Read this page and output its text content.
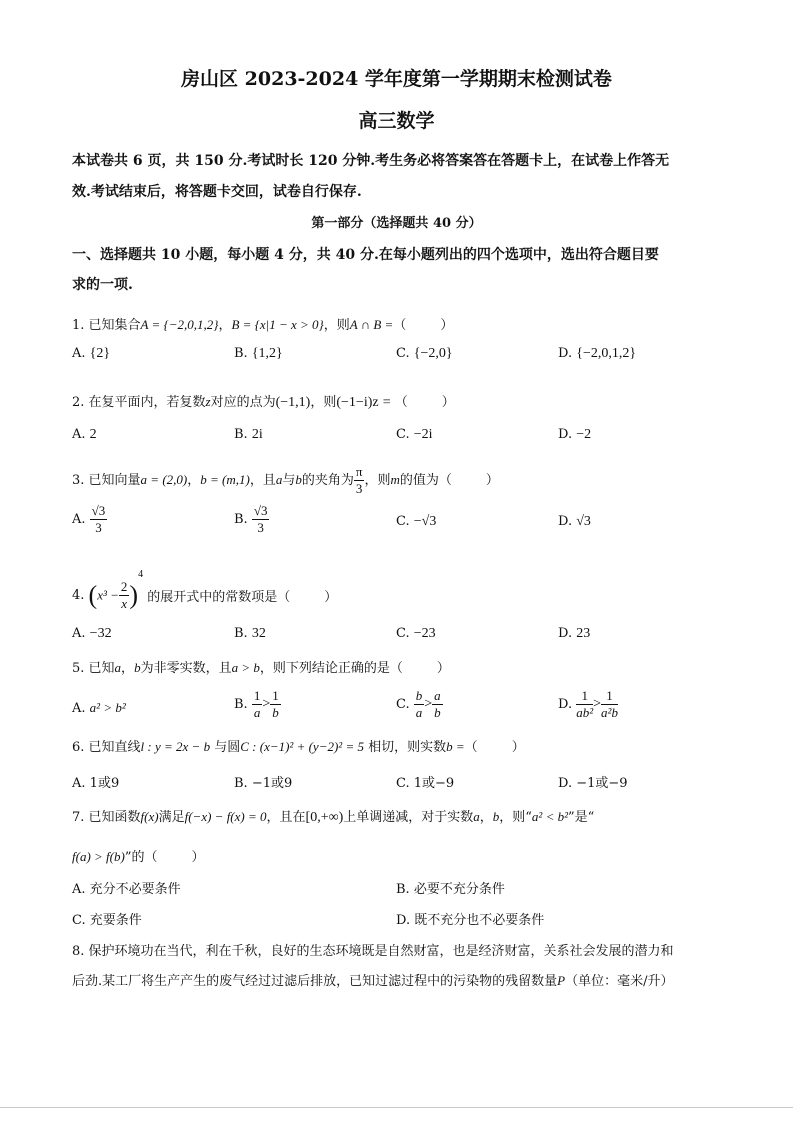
房山区 2023-2024 学年度第一学期期末检测试卷
高三数学
本试卷共 6 页，共 150 分.考试时长 120 分钟.考生务必将答案答在答题卡上，在试卷上作答无
效.考试结束后，将答题卡交回，试卷自行保存.
第一部分（选择题共 40 分）
一、选择题共 10 小题，每小题 4 分，共 40 分.在每小题列出的四个选项中，选出符合题目要
求的一项.
1. 已知集合A = {−2,0,1,2}，B = {x|1 − x > 0}，则A ∩ B =（	）
A. {2}	B. {1,2}	C. {−2,0}	D. {−2,0,1,2}
2. 在复平面内，若复数z对应的点为(−1,1)，则(−1−i)z = （	）
A. 2	B. 2i	C. −2i	D. −2
3. 已知向量a = (2,0)，b = (m,1)，且a与b的夹角为 $\frac{\pi}{3}$ ，则m的值为（	）
A. $\frac{√3}{3}$	B. $\frac{√3}{3}$	C. −√3	D. √3
4. $(x^3 - \frac{2}{x} )^4$ 的展开式中的常数项是（	）
A. −32	B. 32	C. −23	D. 23
5. 已知a，b为非零实数，且a > b，则下列结论正确的是（	）
A. a² > b²	B. $\frac{1}{a} > \frac{1}{b}$	C. $\frac{b}{a} > \frac{a}{b}$	D. $\frac{1}{\text{ab²}} > \frac{1}{\text{a²b}}$
6. 已知直线l : y = 2x − b 与圆C : (x−1)² + (y−2)² = 5 相切，则实数b =（	）
A. 1或9	B. −1或9	C. 1或−9	D. −1或−9
7. 已知函数f(x)满足f(−x) − f(x) = 0，且在[0,+∞)上单调递减，对于实数a，b，则“a² < b²”是“
f(a) > f(b)”的（	）
A. 充分不必要条件	B. 必要不充分条件
C. 充要条件	D. 既不充分也不必要条件
8. 保护环境功在当代，利在千秋，良好的生态环境既是自然财富，也是经济财富，关系社会发展的潜力和
后劲.某工厂将生产产生的废气经过过滤后排放，已知过滤过程中的污染物的残留数量P（单位：毫米/升）
